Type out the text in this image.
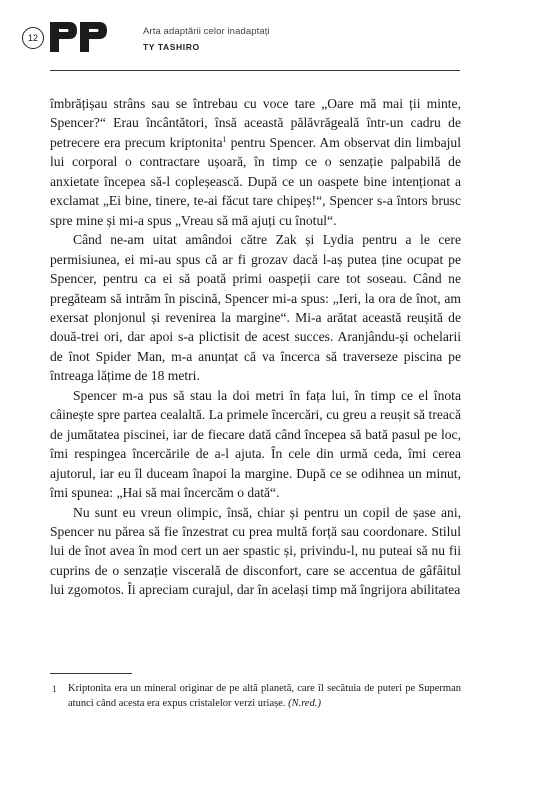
12
Arta adaptării celor inadaptați
TY TASHIRO

îmbrățișau strâns sau se întrebau cu voce tare „Oare mă mai ții minte, Spencer?“ Erau încântători, însă această pălăvrăgeală într-un cadru de petrecere era precum kriptonita$^1$ pentru Spencer. Am observat din limbajul lui corporal o contractare ușoară, în timp ce o senzație palpabilă de anxietate începea să-l copleșească. După ce un oaspete bine intenționat a exclamat „Ei bine, tinere, te-ai făcut tare chipeș!“, Spencer s-a întors brusc spre mine și mi-a spus „Vreau să mă ajuți cu înotul“.

Când ne-am uitat amândoi către Zak și Lydia pentru a le cere permisiunea, ei mi-au spus că ar fi grozav dacă l-aș putea ține ocupat pe Spencer, pentru ca ei să poată primi oaspeții care tot soseau. Când ne pregăteam să intrăm în piscină, Spencer mi-a spus: „Ieri, la ora de înot, am exersat plonjonul și revenirea la margine“. Mi-a arătat această reușită de două-trei ori, dar apoi s-a plictisit de acest succes. Aranjându-și ochelarii de înot Spider Man, m-a anunțat că va încerca să traverseze piscina pe întreaga lățime de 18 metri.

Spencer m-a pus să stau la doi metri în fața lui, în timp ce el înota câinește spre partea cealaltă. La primele încercări, cu greu a reușit să treacă de jumătatea piscinei, iar de fiecare dată când începea să bată pasul pe loc, îmi respingea încercările de a-l ajuta. În cele din urmă ceda, îmi cerea ajutorul, iar eu îl duceam înapoi la margine. După ce se odihnea un minut, îmi spunea: „Hai să mai încercăm o dată“.

Nu sunt eu vreun olimpic, însă, chiar și pentru un copil de șase ani, Spencer nu părea să fie înzestrat cu prea multă forță sau coordonare. Stilul lui de înot avea în mod cert un aer spastic și, privindu-l, nu puteai să nu fii cuprins de o senzație viscerală de disconfort, care se accentua de gâfâitul lui zgomotos. Îi apreciam curajul, dar în același timp mă îngrijora abilitatea

1 Kriptonita era un mineral originar de pe altă planetă, care îl secătuia de puteri pe Superman atunci când acesta era expus cristalelor verzi uriașe. (N.red.)
